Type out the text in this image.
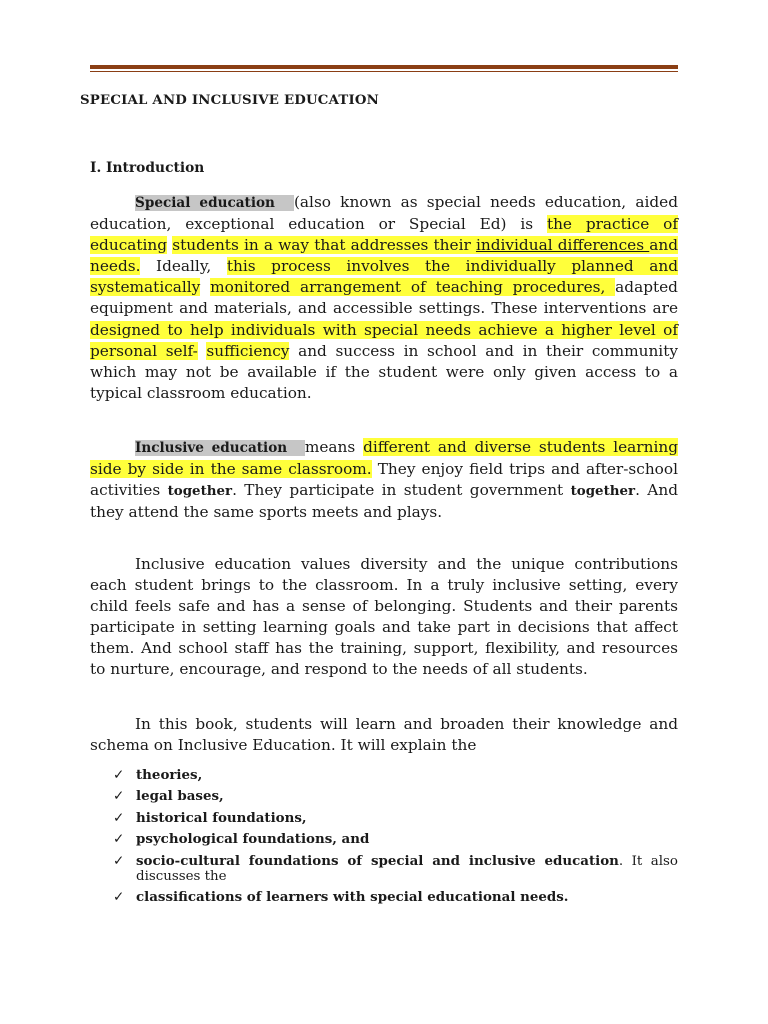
SPECIAL AND INCLUSIVE EDUCATION
I. Introduction

Special education (also known as special needs education, aided education, exceptional education or Special Ed) is the practice of educating students in a way that addresses their individual differences and needs. Ideally, this process involves the individually planned and systematically monitored arrangement of teaching procedures, adapted equipment and materials, and accessible settings. These interventions are designed to help individuals with special needs achieve a higher level of personal self- sufficiency and success in school and in their community which may not be available if the student were only given access to a typical classroom education.

Inclusive education means different and diverse students learning side by side in the same classroom. They enjoy field trips and after-school activities together. They participate in student government together. And they attend the same sports meets and plays.

Inclusive education values diversity and the unique contributions each student brings to the classroom. In a truly inclusive setting, every child feels safe and has a sense of belonging. Students and their parents participate in setting learning goals and take part in decisions that affect them. And school staff has the training, support, flexibility, and resources to nurture, encourage, and respond to the needs of all students.

In this book, students will learn and broaden their knowledge and schema on Inclusive Education. It will explain the

✓ theories,
✓ legal bases,
✓ historical foundations,
✓ psychological foundations, and
✓ socio-cultural foundations of special and inclusive education. It also discusses the
✓ classifications of learners with special educational needs.
